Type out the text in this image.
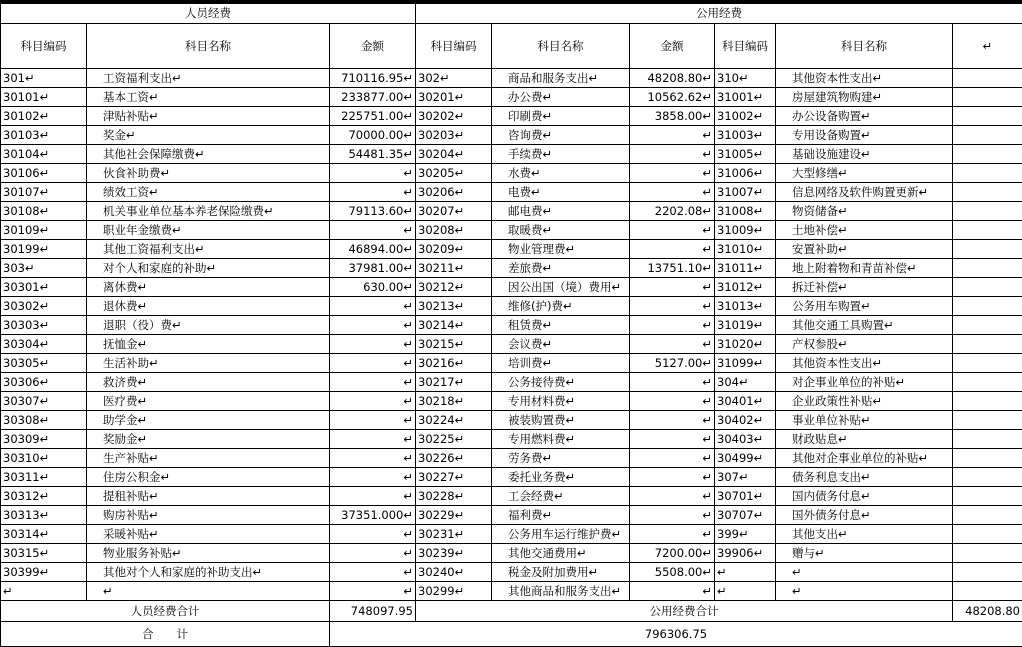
人员经费			公用经费					
科目编码	科目名称	金额	科目编码	科目名称	金额	科目编码	科目名称	↵
301↵	工资福利支出↵	710116.95↵	302↵	商品和服务支出↵	48208.80↵	310↵	其他资本性支出↵	
30101↵	基本工资↵	233877.00↵	30201↵	办公费↵	10562.62↵	31001↵	房屋建筑物购建↵	
30102↵	津贴补贴↵	225751.00↵	30202↵	印刷费↵	3858.00↵	31002↵	办公设备购置↵	
30103↵	奖金↵	70000.00↵	30203↵	咨询费↵	↵	31003↵	专用设备购置↵	
30104↵	其他社会保障缴费↵	54481.35↵	30204↵	手续费↵	↵	31005↵	基础设施建设↵	
30106↵	伙食补助费↵	↵	30205↵	水费↵	↵	31006↵	大型修缮↵	
30107↵	绩效工资↵	↵	30206↵	电费↵	↵	31007↵	信息网络及软件购置更新↵	
30108↵	机关事业单位基本养老保险缴费↵	79113.60↵	30207↵	邮电费↵	2202.08↵	31008↵	物资储备↵	
30109↵	职业年金缴费↵	↵	30208↵	取暖费↵	↵	31009↵	土地补偿↵	
30199↵	其他工资福利支出↵	46894.00↵	30209↵	物业管理费↵	↵	31010↵	安置补助↵	
303↵	对个人和家庭的补助↵	37981.00↵	30211↵	差旅费↵	13751.10↵	31011↵	地上附着物和青苗补偿↵	
30301↵	离休费↵	630.00↵	30212↵	因公出国（境）费用↵	↵	31012↵	拆迁补偿↵	
30302↵	退休费↵	↵	30213↵	维修(护)费↵	↵	31013↵	公务用车购置↵	
30303↵	退职（役）费↵	↵	30214↵	租赁费↵	↵	31019↵	其他交通工具购置↵	
30304↵	抚恤金↵	↵	30215↵	会议费↵	↵	31020↵	产权参股↵	
30305↵	生活补助↵	↵	30216↵	培训费↵	5127.00↵	31099↵	其他资本性支出↵	
30306↵	救济费↵	↵	30217↵	公务接待费↵	↵	304↵	对企事业单位的补贴↵	
30307↵	医疗费↵	↵	30218↵	专用材料费↵	↵	30401↵	企业政策性补贴↵	
30308↵	助学金↵	↵	30224↵	被装购置费↵	↵	30402↵	事业单位补贴↵	
30309↵	奖励金↵	↵	30225↵	专用燃料费↵	↵	30403↵	财政贴息↵	
30310↵	生产补贴↵	↵	30226↵	劳务费↵	↵	30499↵	其他对企事业单位的补贴↵	
30311↵	住房公积金↵	↵	30227↵	委托业务费↵	↵	307↵	债务利息支出↵	
30312↵	提租补贴↵	↵	30228↵	工会经费↵	↵	30701↵	国内债务付息↵	
30313↵	购房补贴↵	37351.000↵	30229↵	福利费↵	↵	30707↵	国外债务付息↵	
30314↵	采暖补贴↵	↵	30231↵	公务用车运行维护费↵	↵	399↵	其他支出↵	
30315↵	物业服务补贴↵	↵	30239↵	其他交通费用↵	7200.00↵	39906↵	赠与↵	
30399↵	其他对个人和家庭的补助支出↵	↵	30240↵	税金及附加费用↵	5508.00↵	↵	↵	
↵	↵	↵	30299↵	其他商品和服务支出↵	↵	↵	↵	
人员经费合计		748097.95	公用经费合计					48208.80
合　　计		796306.75						
